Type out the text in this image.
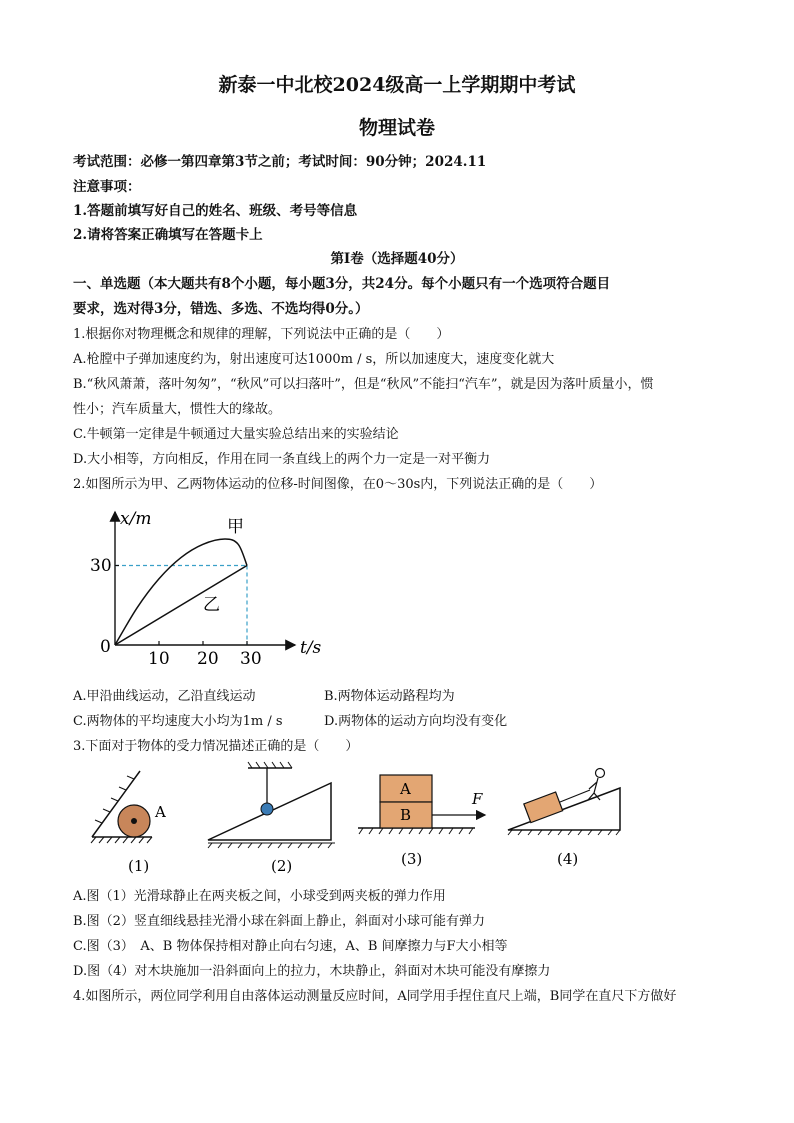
新泰一中北校2024级高一上学期期中考试
物理试卷
考试范围：必修一第四章第3节之前；考试时间：90分钟；2024.11
注意事项：
1.答题前填写好自己的姓名、班级、考号等信息
2.请将答案正确填写在答题卡上
第I卷（选择题40分）
一、单选题（本大题共有8个小题，每小题3分，共24分。每个小题只有一个选项符合题目
要求，选对得3分，错选、多选、不选均得0分。）
1.根据你对物理概念和规律的理解，下列说法中正确的是（　　）
A.枪膛中子弹加速度约为，射出速度可达1000m / s，所以加速度大，速度变化就大
B.“秋风萧萧，落叶匆匆”，“秋风”可以扫落叶”，但是“秋风”不能扫“汽车”，就是因为落叶质量小，惯
性小；汽车质量大，惯性大的缘故。
C.牛顿第一定律是牛顿通过大量实验总结出来的实验结论
D.大小相等，方向相反，作用在同一条直线上的两个力一定是一对平衡力
2.如图所示为甲、乙两物体运动的位移-时间图像，在0～30s内，下列说法正确的是（　　）
x/m
t/s
0
30
10 20 30
甲
乙
A.甲沿曲线运动，乙沿直线运动	B.两物体运动路程均为
C.两物体的平均速度大小均为1m / s	D.两物体的运动方向均没有变化
3.下面对于物体的受力情况描述正确的是（　　）
A
(1)	(2)
A
B
F
(3)	(4)
A.图（1）光滑球静止在两夹板之间，小球受到两夹板的弹力作用
B.图（2）竖直细线悬挂光滑小球在斜面上静止，斜面对小球可能有弹力
C.图（3）　A、B 物体保持相对静止向右匀速，A、B 间摩擦力与F大小相等
D.图（4）对木块施加一沿斜面向上的拉力，木块静止，斜面对木块可能没有摩擦力
4.如图所示，两位同学利用自由落体运动测量反应时间，A同学用手捏住直尺上端，B同学在直尺下方做好
